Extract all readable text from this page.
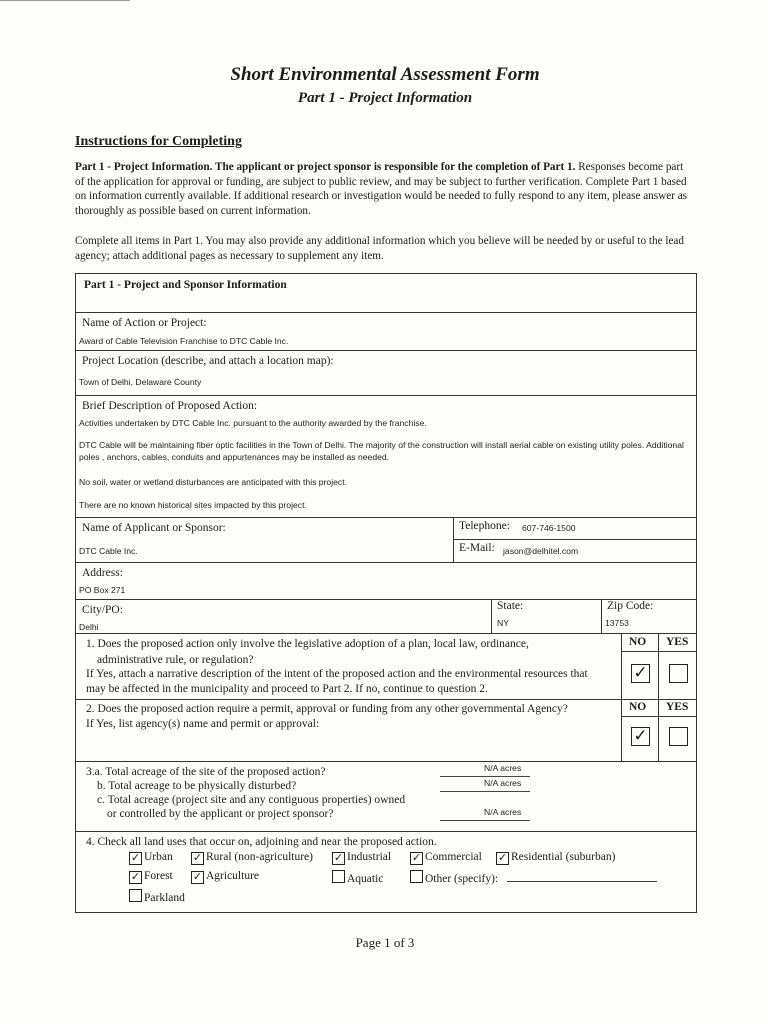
Short Environmental Assessment Form
Part 1 - Project Information
Instructions for Completing
Part 1 - Project Information. The applicant or project sponsor is responsible for the completion of Part 1. Responses become part of the application for approval or funding, are subject to public review, and may be subject to further verification. Complete Part 1 based on information currently available. If additional research or investigation would be needed to fully respond to any item, please answer as thoroughly as possible based on current information.
Complete all items in Part 1. You may also provide any additional information which you believe will be needed by or useful to the lead agency; attach additional pages as necessary to supplement any item.
Part 1 - Project and Sponsor Information
Name of Action or Project:
Award of Cable Television Franchise to DTC Cable Inc.
Project Location (describe, and attach a location map):
Town of Delhi, Delaware County
Brief Description of Proposed Action:
Activities undertaken by DTC Cable Inc. pursuant to the authority awarded by the franchise.
DTC Cable will be maintaining fiber optic facilities in the Town of Delhi. The majority of the construction will install aerial cable on existing utility poles. Additional poles , anchors, cables, conduits and appurtenances may be installed as needed.
No soil, water or wetland disturbances are anticipated with this project.
There are no known historical sites impacted by this project.
Name of Applicant or Sponsor:
DTC Cable Inc.
Telephone: 607-746-1500
E-Mail: jason@delhitel.com
Address:
PO Box 271
City/PO:
Delhi
State:
NY
Zip Code:
13753
1. Does the proposed action only involve the legislative adoption of a plan, local law, ordinance,
administrative rule, or regulation?
If Yes, attach a narrative description of the intent of the proposed action and the environmental resources that
may be affected in the municipality and proceed to Part 2. If no, continue to question 2.
NO YES
✓
2. Does the proposed action require a permit, approval or funding from any other governmental Agency?
If Yes, list agency(s) name and permit or approval:
NO YES
✓
3.a. Total acreage of the site of the proposed action?
b. Total acreage to be physically disturbed?
c. Total acreage (project site and any contiguous properties) owned
or controlled by the applicant or project sponsor?
N/A acres
N/A acres
N/A acres
4. Check all land uses that occur on, adjoining and near the proposed action.
✓ Urban ✓ Rural (non-agriculture) ✓ Industrial ✓ Commercial ✓ Residential (suburban)
✓ Forest ✓ Agriculture	Aquatic	Other (specify):
Parkland
Page 1 of 3
